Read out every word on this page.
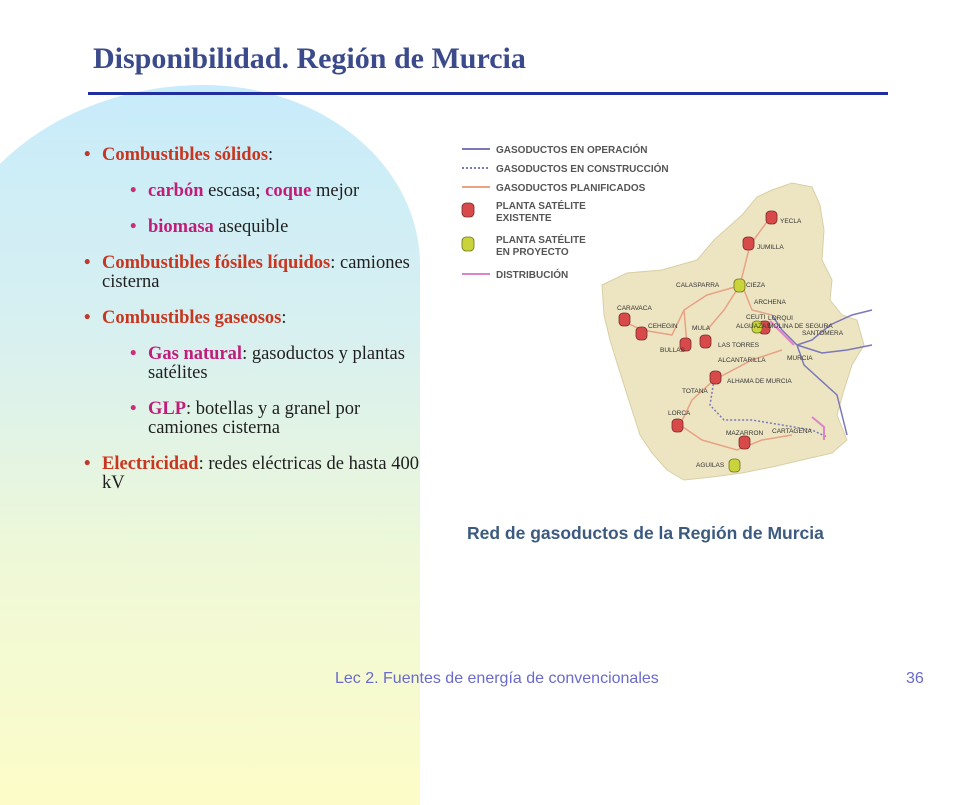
Disponibilidad. Región de Murcia
• Combustibles sólidos:
• carbón escasa; coque mejor
• biomasa asequible
• Combustibles fósiles líquidos: camiones cisterna
• Combustibles gaseosos:
• Gas natural: gasoductos y plantas satélites
• GLP: botellas y a granel por camiones cisterna
• Electricidad: redes eléctricas de hasta 400 kV
GASODUCTOS EN OPERACIÓN
GASODUCTOS EN CONSTRUCCIÓN
GASODUCTOS PLANIFICADOS
PLANTA SATÉLITE
EXISTENTE
PLANTA SATÉLITE
EN PROYECTO
DISTRIBUCIÓN
YECLA
JUMILLA
CIEZA
CALASPARRA
ARCHENA
CARAVACA
CEHEGIN MULA
BULLAS
CEUTI
ALGUAZAS
LORQUI
MOLINA DE SEGURA
LAS TORRES
SANTOMERA
ALCANTARILLA	MURCIA
ALHAMA DE MURCIA
TOTANA
LORCA
MAZARRON CARTAGENA
AGUILAS
Red de gasoductos de la Región de Murcia
Lec 2. Fuentes de energía de convencionales	36
